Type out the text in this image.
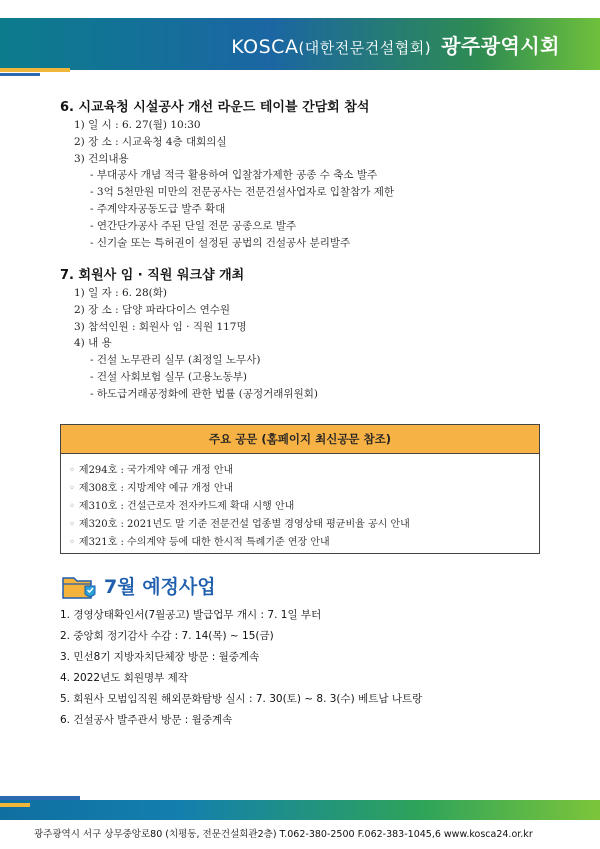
KOSCA(대한전문건설협회) 광주광역시회
6. 시교육청 시설공사 개선 라운드 테이블 간담회 참석
1) 일 시 : 6. 27(월) 10:30
2) 장 소 : 시교육청 4층 대회의실
3) 건의내용
- 부대공사 개념 적극 활용하여 입찰참가제한 공종 수 축소 발주
- 3억 5천만원 미만의 전문공사는 전문건설사업자로 입찰참가 제한
- 주계약자공동도급 발주 확대
- 연간단가공사 주된 단일 전문 공종으로 발주
- 신기술 또는 특허권이 설정된 공법의 건설공사 분리발주
7. 회원사 임 · 직원 워크샵 개최
1) 일 자 : 6. 28(화)
2) 장 소 : 담양 파라다이스 연수원
3) 참석인원 : 회원사 임 · 직원 117명
4) 내 용
- 건설 노무관리 실무 (최정일 노무사)
- 건설 사회보험 실무 (고용노동부)
- 하도급거래공정화에 관한 법률 (공정거래위원회)
주요 공문 (홈페이지 최신공문 참조)
◦ 제294호 : 국가계약 예규 개정 안내
◦ 제308호 : 지방계약 예규 개정 안내
◦ 제310호 : 건설근로자 전자카드제 확대 시행 안내
◦ 제320호 : 2021년도 말 기준 전문건설 업종별 경영상태 평균비율 공시 안내
◦ 제321호 : 수의계약 등에 대한 한시적 특례기준 연장 안내
7월 예정사업
1. 경영상태확인서(7월공고) 발급업무 개시 : 7. 1일 부터
2. 중앙회 정기감사 수감 : 7. 14(목) ~ 15(금)
3. 민선8기 지방자치단체장 방문 : 월중계속
4. 2022년도 회원명부 제작
5. 회원사 모범임직원 해외문화탐방 실시 : 7. 30(토) ~ 8. 3(수) 베트남 나트랑
6. 건설공사 발주관서 방문 : 월중계속
광주광역시 서구 상무중앙로80 (치평동, 전문건설회관2층) T.062-380-2500 F.062-383-1045,6 www.kosca24.or.kr
